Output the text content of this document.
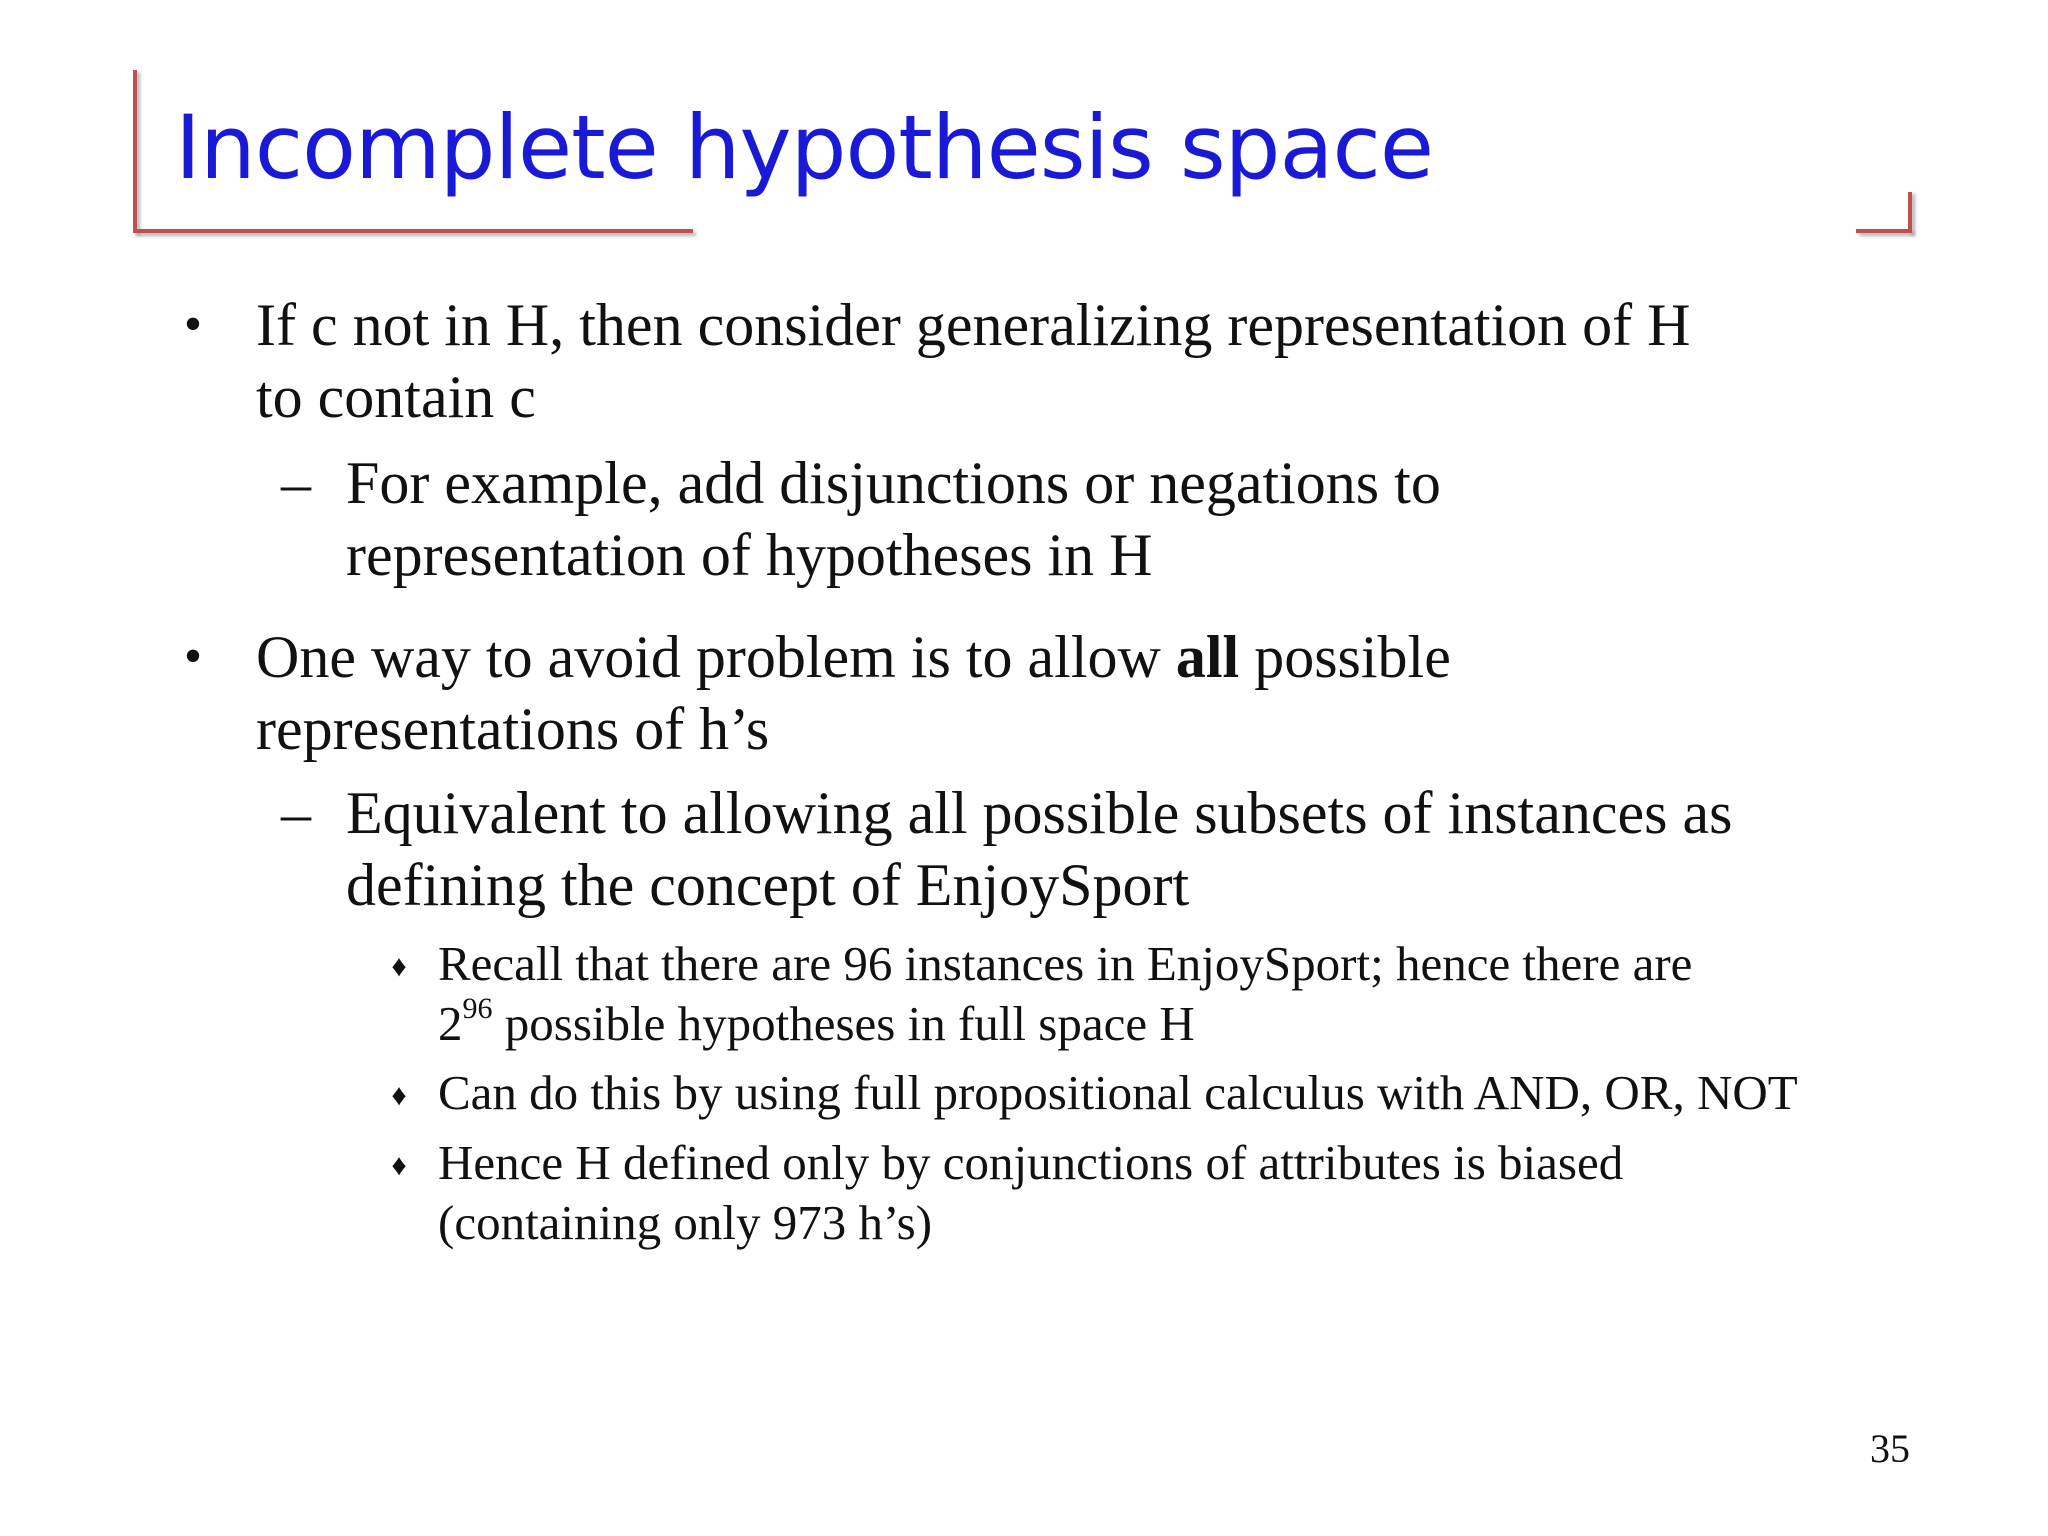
Incomplete hypothesis space
• If c not in H, then consider generalizing representation of H
to contain c
– For example, add disjunctions or negations to
representation of hypotheses in H
• One way to avoid problem is to allow all possible
representations of h’s
– Equivalent to allowing all possible subsets of instances as
defining the concept of EnjoySport
♦ Recall that there are 96 instances in EnjoySport; hence there are
$2^{96}$ possible hypotheses in full space H
♦ Can do this by using full propositional calculus with AND, OR, NOT
♦ Hence H defined only by conjunctions of attributes is biased
(containing only 973 h’s)
35
